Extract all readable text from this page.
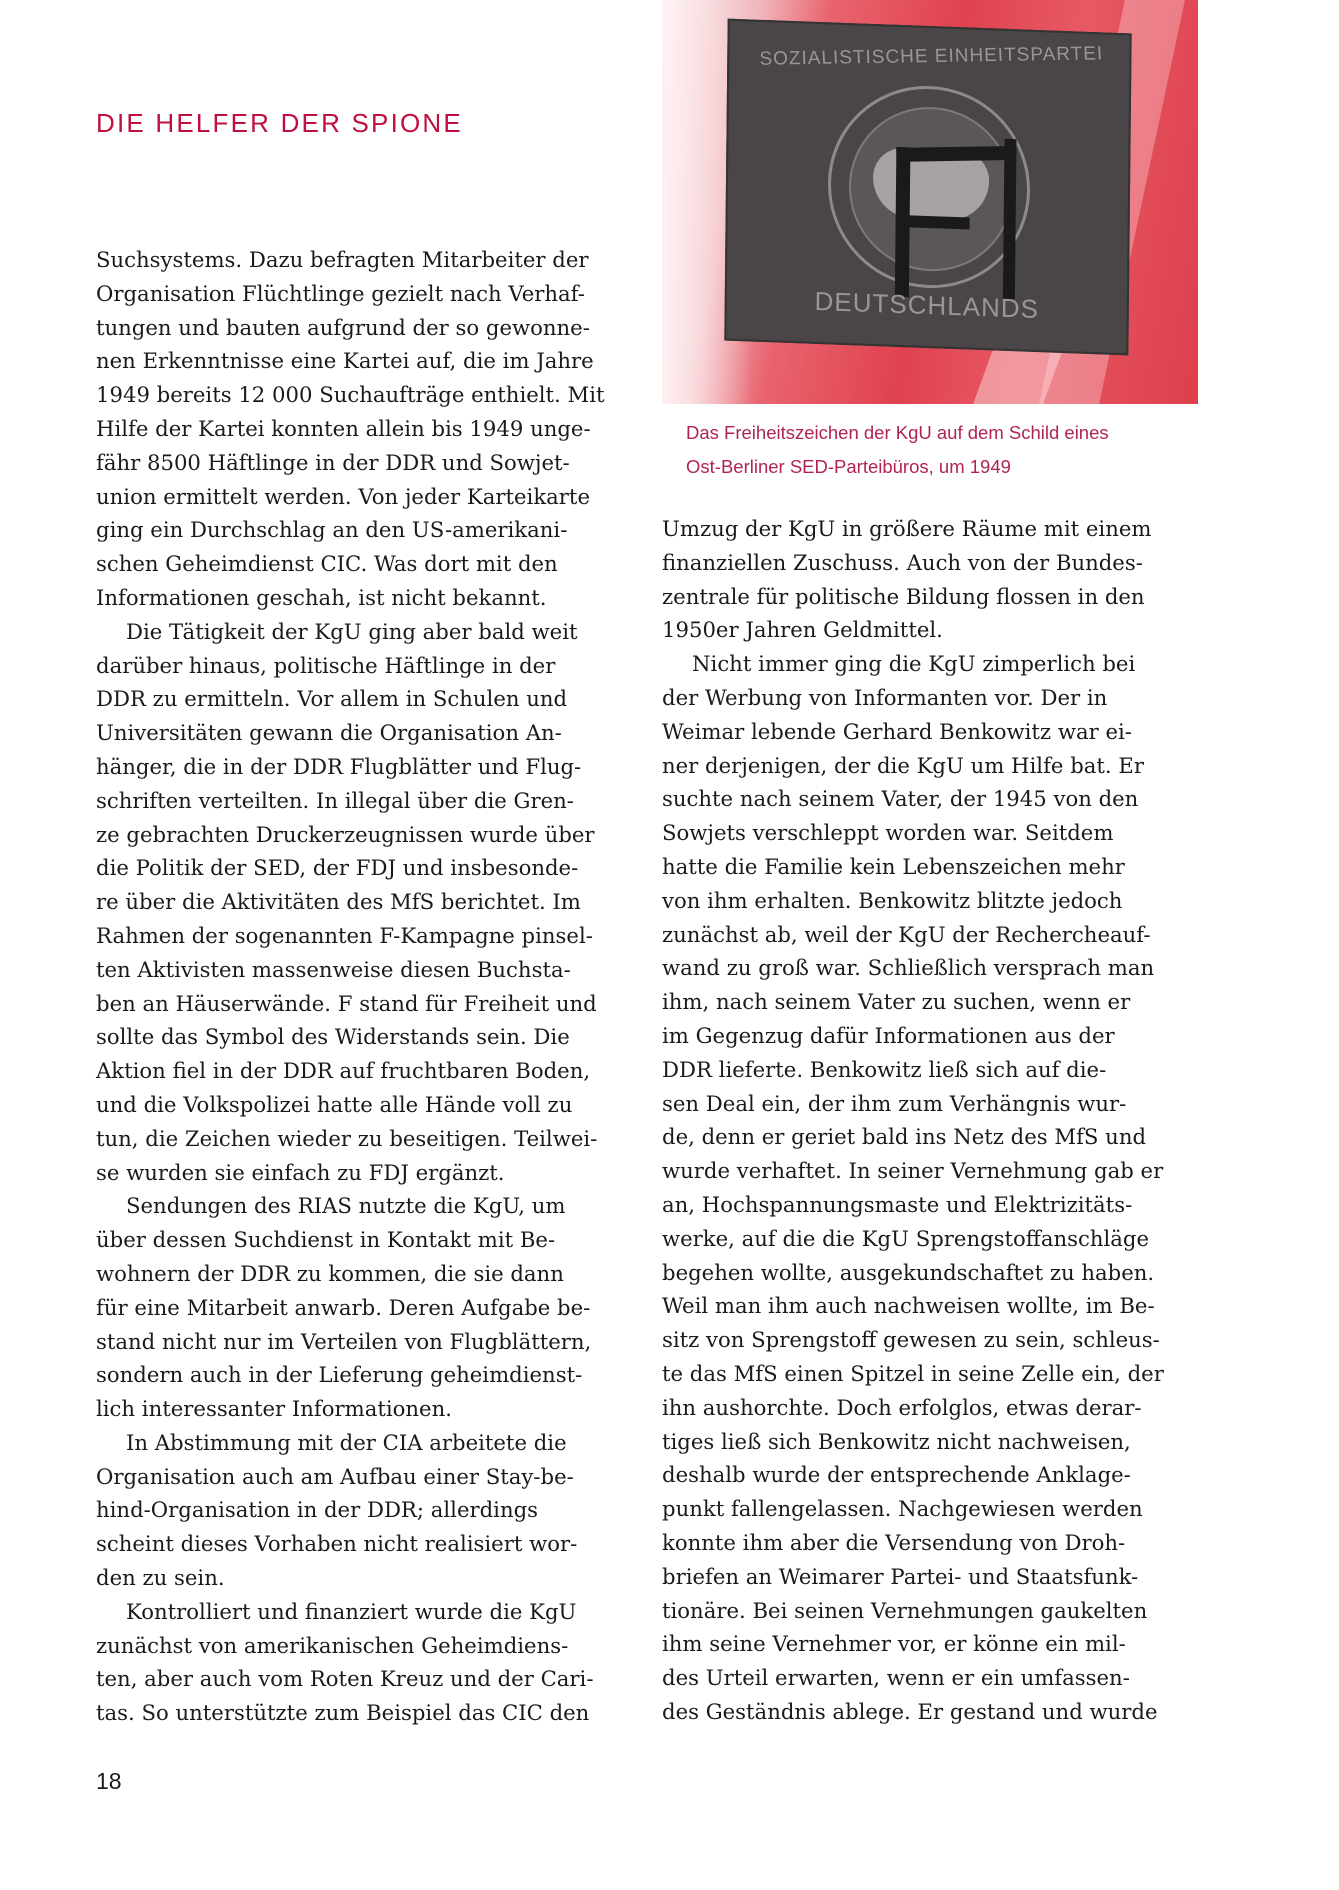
DIE HELFER DER SPIONE
SOZIALISTISCHE EINHEITSPARTEI
DEUTSCHLANDS
Das Freiheitszeichen der KgU auf dem Schild eines
Ost-Berliner SED-Parteibüros, um 1949
Suchsystems. Dazu befragten Mitarbeiter der
Organisation Flüchtlinge gezielt nach Verhaf-
tungen und bauten aufgrund der so gewonne-
nen Erkenntnisse eine Kartei auf, die im Jahre
1949 bereits 12 000 Suchaufträge enthielt. Mit
Hilfe der Kartei konnten allein bis 1949 unge-
fähr 8500 Häftlinge in der DDR und Sowjet-
union ermittelt werden. Von jeder Karteikarte
ging ein Durchschlag an den US-amerikani-
schen Geheimdienst CIC. Was dort mit den
Informationen geschah, ist nicht bekannt.
Die Tätigkeit der KgU ging aber bald weit
darüber hinaus, politische Häftlinge in der
DDR zu ermitteln. Vor allem in Schulen und
Universitäten gewann die Organisation An-
hänger, die in der DDR Flugblätter und Flug-
schriften verteilten. In illegal über die Gren-
ze gebrachten Druckerzeugnissen wurde über
die Politik der SED, der FDJ und insbesonde-
re über die Aktivitäten des MfS berichtet. Im
Rahmen der sogenannten F-Kampagne pinsel-
ten Aktivisten massenweise diesen Buchsta-
ben an Häuserwände. F stand für Freiheit und
sollte das Symbol des Widerstands sein. Die
Aktion fiel in der DDR auf fruchtbaren Boden,
und die Volkspolizei hatte alle Hände voll zu
tun, die Zeichen wieder zu beseitigen. Teilwei-
se wurden sie einfach zu FDJ ergänzt.
Sendungen des RIAS nutzte die KgU, um
über dessen Suchdienst in Kontakt mit Be-
wohnern der DDR zu kommen, die sie dann
für eine Mitarbeit anwarb. Deren Aufgabe be-
stand nicht nur im Verteilen von Flugblättern,
sondern auch in der Lieferung geheimdienst-
lich interessanter Informationen.
In Abstimmung mit der CIA arbeitete die
Organisation auch am Aufbau einer Stay-be-
hind-Organisation in der DDR; allerdings
scheint dieses Vorhaben nicht realisiert wor-
den zu sein.
Kontrolliert und finanziert wurde die KgU
zunächst von amerikanischen Geheimdiens-
ten, aber auch vom Roten Kreuz und der Cari-
tas. So unterstützte zum Beispiel das CIC den
Umzug der KgU in größere Räume mit einem
finanziellen Zuschuss. Auch von der Bundes-
zentrale für politische Bildung flossen in den
1950er Jahren Geldmittel.
Nicht immer ging die KgU zimperlich bei
der Werbung von Informanten vor. Der in
Weimar lebende Gerhard Benkowitz war ei-
ner derjenigen, der die KgU um Hilfe bat. Er
suchte nach seinem Vater, der 1945 von den
Sowjets verschleppt worden war. Seitdem
hatte die Familie kein Lebenszeichen mehr
von ihm erhalten. Benkowitz blitzte jedoch
zunächst ab, weil der KgU der Rechercheauf-
wand zu groß war. Schließlich versprach man
ihm, nach seinem Vater zu suchen, wenn er
im Gegenzug dafür Informationen aus der
DDR lieferte. Benkowitz ließ sich auf die-
sen Deal ein, der ihm zum Verhängnis wur-
de, denn er geriet bald ins Netz des MfS und
wurde verhaftet. In seiner Vernehmung gab er
an, Hochspannungsmaste und Elektrizitäts-
werke, auf die die KgU Sprengstoffanschläge
begehen wollte, ausgekundschaftet zu haben.
Weil man ihm auch nachweisen wollte, im Be-
sitz von Sprengstoff gewesen zu sein, schleus-
te das MfS einen Spitzel in seine Zelle ein, der
ihn aushorchte. Doch erfolglos, etwas derar-
tiges ließ sich Benkowitz nicht nachweisen,
deshalb wurde der entsprechende Anklage-
punkt fallengelassen. Nachgewiesen werden
konnte ihm aber die Versendung von Droh-
briefen an Weimarer Partei- und Staatsfunk-
tionäre. Bei seinen Vernehmungen gaukelten
ihm seine Vernehmer vor, er könne ein mil-
des Urteil erwarten, wenn er ein umfassen-
des Geständnis ablege. Er gestand und wurde
18
